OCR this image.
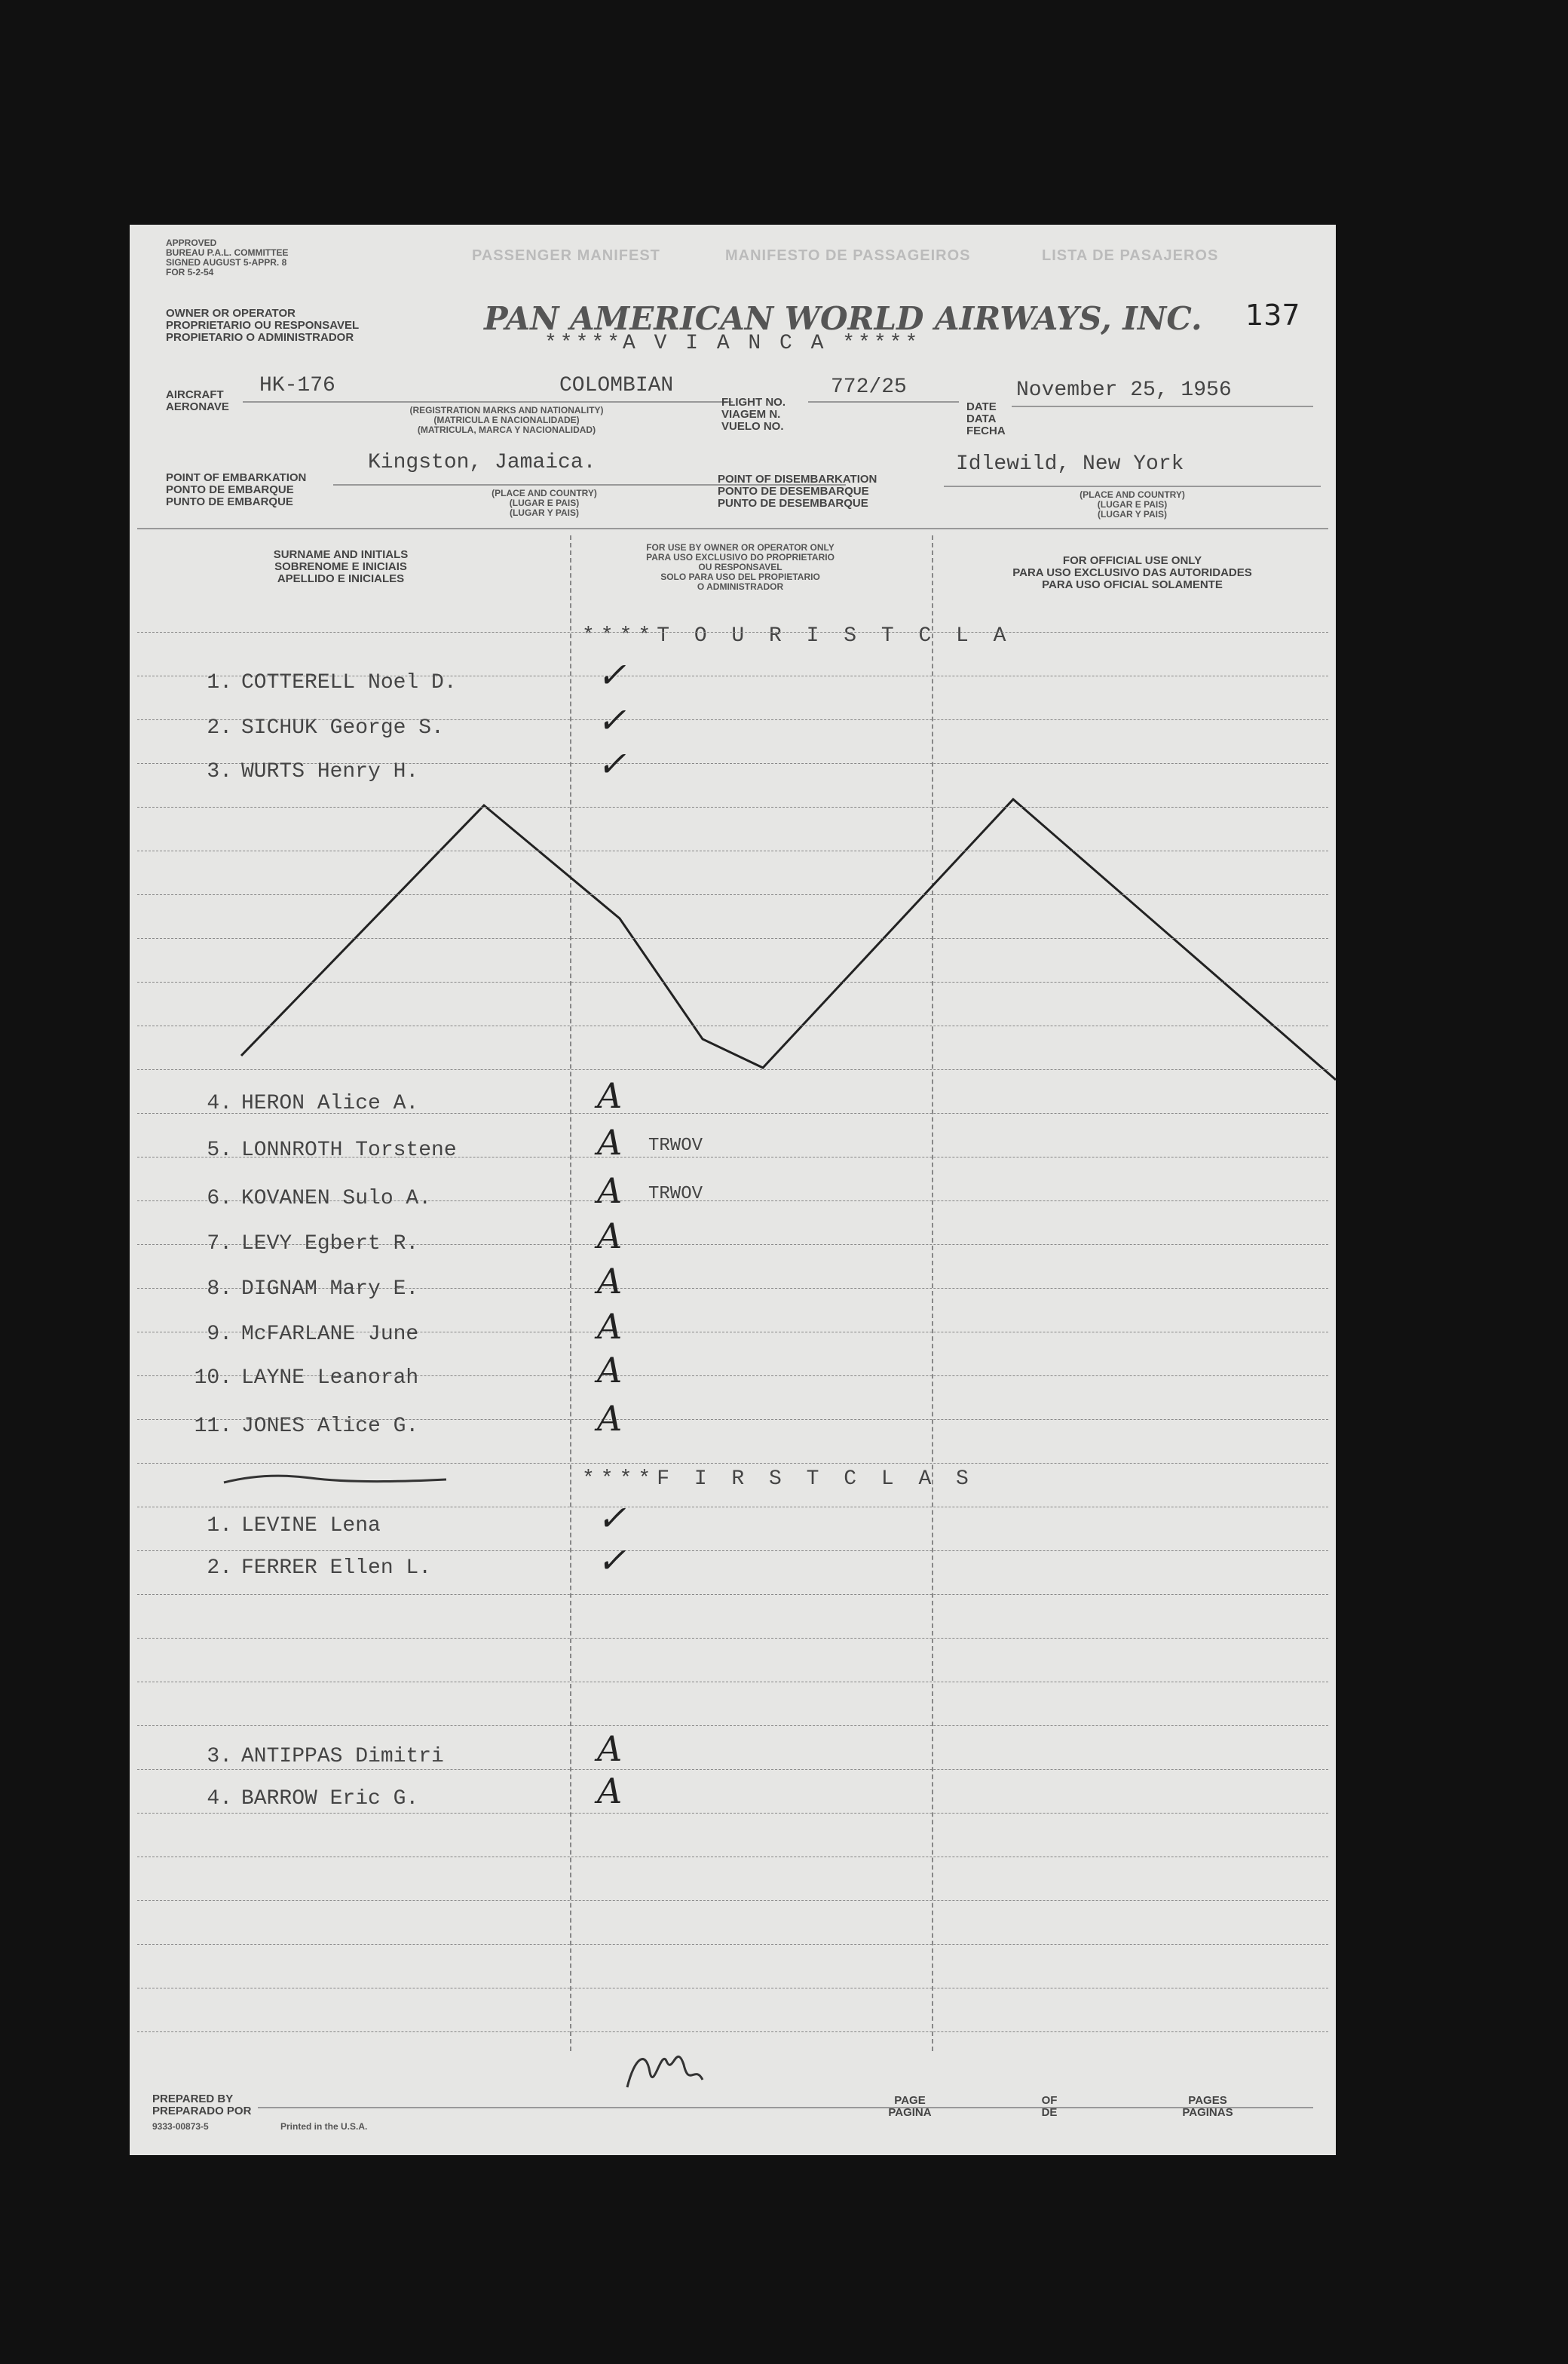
APPROVED
BUREAU P.A.L. COMMITTEE
SIGNED AUGUST 5-APPR. 8
FOR 5-2-54
PASSENGER MANIFEST	MANIFESTO DE PASSAGEIROS	LISTA DE PASAJEROS
OWNER OR OPERATOR
PROPRIETARIO OU RESPONSAVEL
PROPIETARIO O ADMINISTRADOR
PAN AMERICAN WORLD AIRWAYS, INC.
*****A V I A N C A *****
137
AIRCRAFT
AERONAVE
HK-176	COLOMBIAN
(REGISTRATION MARKS AND NATIONALITY)
(MATRICULA E NACIONALIDADE)
(MATRICULA, MARCA Y NACIONALIDAD)
FLIGHT NO.
VIAGEM N.
VUELO NO.
772/25
DATE
DATA
FECHA
November 25, 1956
POINT OF EMBARKATION
PONTO DE EMBARQUE
PUNTO DE EMBARQUE
Kingston, Jamaica.
(PLACE AND COUNTRY)
(LUGAR E PAIS)
(LUGAR Y PAIS)
POINT OF DISEMBARKATION
PONTO DE DESEMBARQUE
PUNTO DE DESEMBARQUE
Idlewild, New York
(PLACE AND COUNTRY)
(LUGAR E PAIS)
(LUGAR Y PAIS)
SURNAME AND INITIALS
SOBRENOME E INICIAIS
APELLIDO E INICIALES
FOR USE BY OWNER OR OPERATOR ONLY
PARA USO EXCLUSIVO DO PROPRIETARIO
OU RESPONSAVEL
SOLO PARA USO DEL PROPIETARIO
O ADMINISTRADOR
FOR OFFICIAL USE ONLY
PARA USO EXCLUSIVO DAS AUTORIDADES
PARA USO OFICIAL SOLAMENTE
****T O U R I S T C L A
****F I R S T C L A S
PREPARED BY
PREPARADO POR
9333-00873-5	Printed in the U.S.A.
PAGE
PAGINA
OF
DE
PAGES
PAGINAS
1. COTTERELL Noel D.	✓
2. SICHUK George S.	✓
3. WURTS Henry H.	✓
4. HERON Alice A.	A
5. LONNROTH Torstene	A TRWOV
6. KOVANEN Sulo A.	A TRWOV
7. LEVY Egbert R.	A
8. DIGNAM Mary E.	A
9. McFARLANE June	A
10. LAYNE Leanorah	A
11. JONES Alice G.	A
1. LEVINE Lena	✓
2. FERRER Ellen L.	✓
3. ANTIPPAS Dimitri	A
4. BARROW Eric G.	A
